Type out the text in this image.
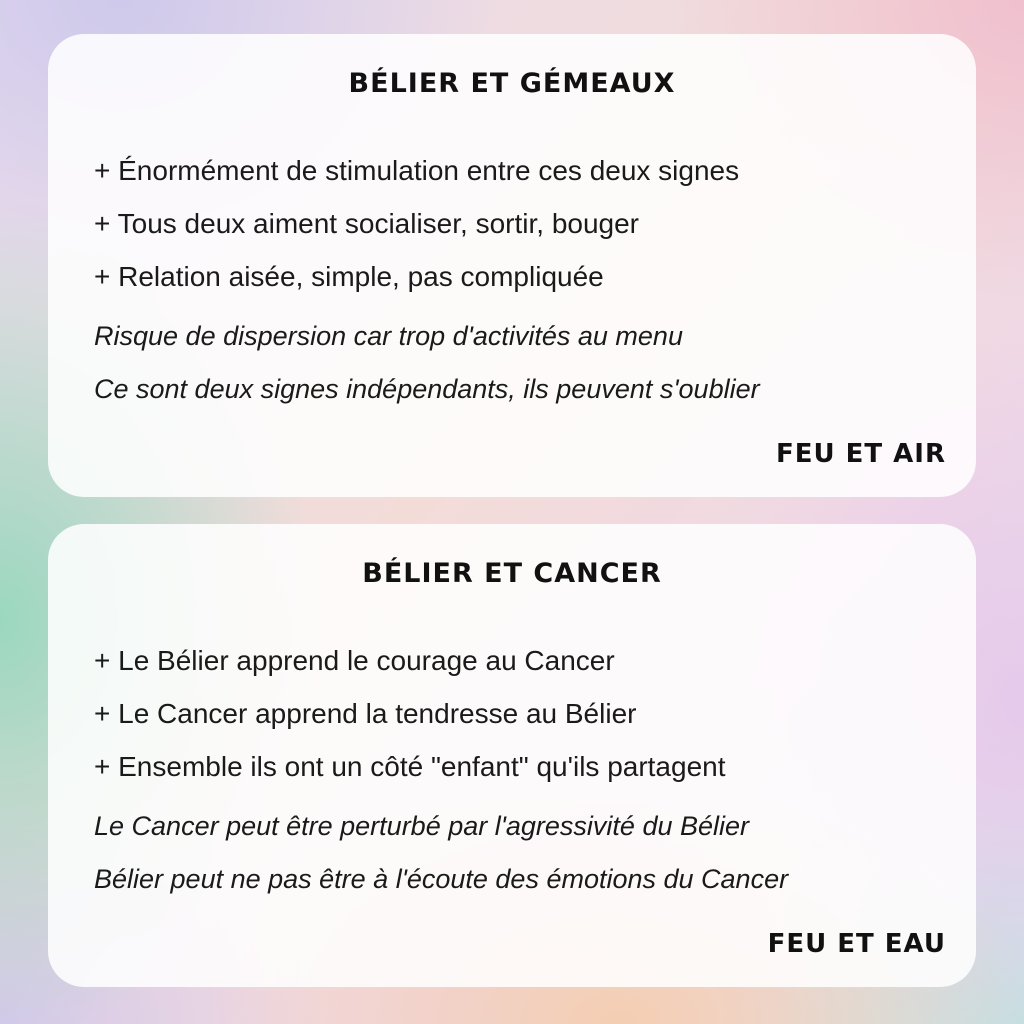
BÉLIER ET GÉMEAUX
+ Énormément de stimulation entre ces deux signes
+ Tous deux aiment socialiser, sortir, bouger
+ Relation aisée, simple, pas compliquée
Risque de dispersion car trop d'activités au menu
Ce sont deux signes indépendants, ils peuvent s'oublier
FEU ET AIR
BÉLIER ET CANCER
+ Le Bélier apprend le courage au Cancer
+ Le Cancer apprend la tendresse au Bélier
+ Ensemble ils ont un côté "enfant" qu'ils partagent
Le Cancer peut être perturbé par l'agressivité du Bélier
Bélier peut ne pas être à l'écoute des émotions du Cancer
FEU ET EAU
